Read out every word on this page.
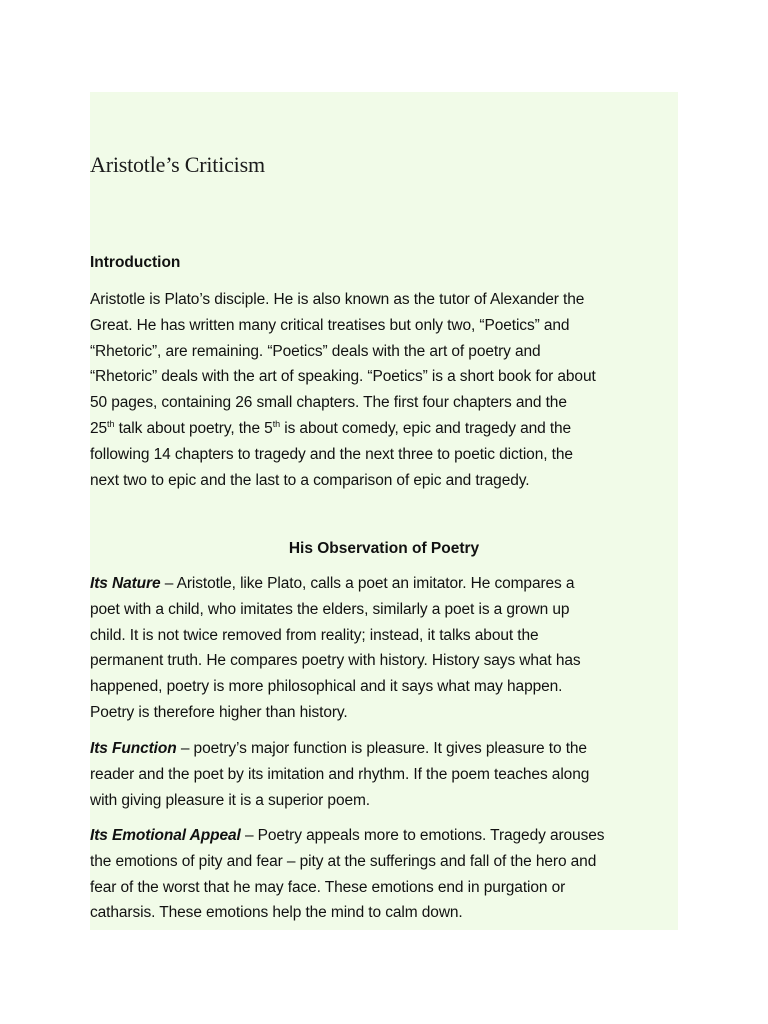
Aristotle’s Criticism
Introduction

Aristotle is Plato’s disciple. He is also known as the tutor of Alexander the
Great. He has written many critical treatises but only two, “Poetics” and
“Rhetoric”, are remaining. “Poetics” deals with the art of poetry and
“Rhetoric” deals with the art of speaking. “Poetics” is a short book for about
50 pages, containing 26 small chapters. The first four chapters and the
25th talk about poetry, the 5th is about comedy, epic and tragedy and the
following 14 chapters to tragedy and the next three to poetic diction, the
next two to epic and the last to a comparison of epic and tragedy.

His Observation of Poetry

Its Nature – Aristotle, like Plato, calls a poet an imitator. He compares a
poet with a child, who imitates the elders, similarly a poet is a grown up
child. It is not twice removed from reality; instead, it talks about the
permanent truth. He compares poetry with history. History says what has
happened, poetry is more philosophical and it says what may happen.
Poetry is therefore higher than history.

Its Function – poetry’s major function is pleasure. It gives pleasure to the
reader and the poet by its imitation and rhythm. If the poem teaches along
with giving pleasure it is a superior poem.

Its Emotional Appeal – Poetry appeals more to emotions. Tragedy arouses
the emotions of pity and fear – pity at the sufferings and fall of the hero and
fear of the worst that he may face. These emotions end in purgation or
catharsis. These emotions help the mind to calm down.
